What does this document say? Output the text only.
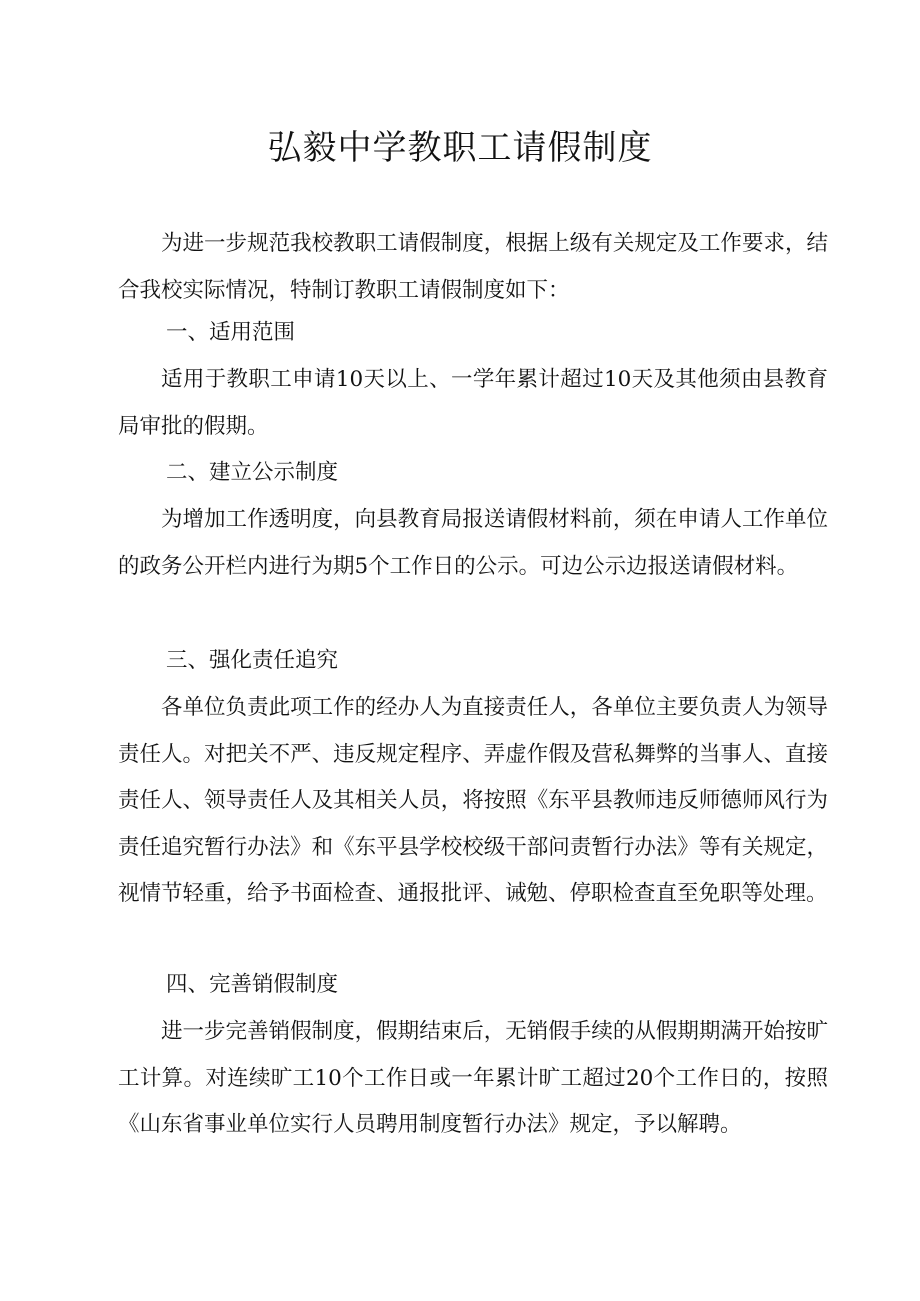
弘毅中学教职工请假制度

为进一步规范我校教职工请假制度，根据上级有关规定及工作要求，结合我校实际情况，特制订教职工请假制度如下：

一、适用范围

适用于教职工申请10天以上、一学年累计超过10天及其他须由县教育局审批的假期。

二、建立公示制度

为增加工作透明度，向县教育局报送请假材料前，须在申请人工作单位的政务公开栏内进行为期5个工作日的公示。可边公示边报送请假材料。

三、强化责任追究

各单位负责此项工作的经办人为直接责任人，各单位主要负责人为领导责任人。对把关不严、违反规定程序、弄虚作假及营私舞弊的当事人、直接责任人、领导责任人及其相关人员，将按照《东平县教师违反师德师风行为责任追究暂行办法》和《东平县学校校级干部问责暂行办法》等有关规定，视情节轻重，给予书面检查、通报批评、诫勉、停职检查直至免职等处理。

四、完善销假制度

进一步完善销假制度，假期结束后，无销假手续的从假期期满开始按旷工计算。对连续旷工10个工作日或一年累计旷工超过20个工作日的，按照《山东省事业单位实行人员聘用制度暂行办法》规定，予以解聘。
